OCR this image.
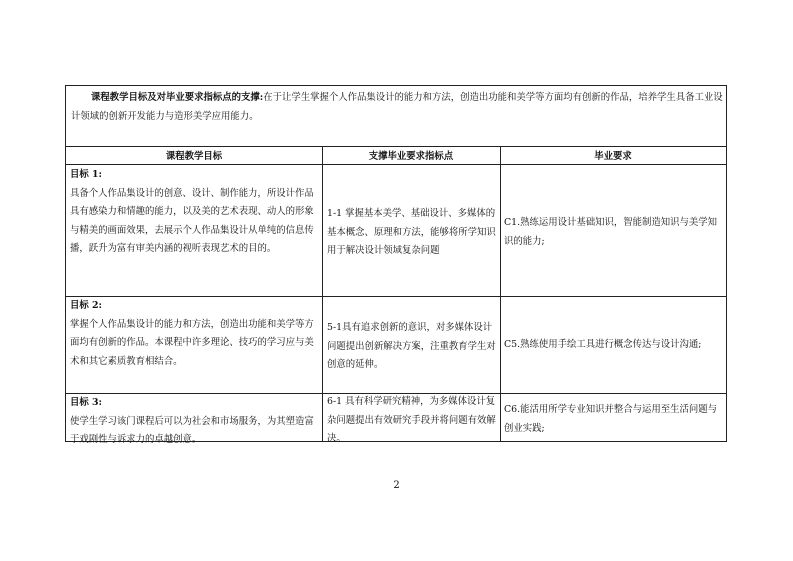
课程教学目标及对毕业要求指标点的支撑:在于让学生掌握个人作品集设计的能力和方法，创造出功能和美学等方面均有创新的作品，培养学生具备工业设计领域的创新开发能力与造形美学应用能力。
课程教学目标	支撑毕业要求指标点	毕业要求
目标 1:
具备个人作品集设计的创意、设计、制作能力，所设计作品具有感染力和情趣的能力，以及美的艺术表现、动人的形象与精美的画面效果，去展示个人作品集设计从单纯的信息传播，跃升为富有审美内涵的视听表现艺术的目的。
1-1 掌握基本美学、基础设计、多媒体的基本概念、原理和方法，能够将所学知识用于解决设计领域复杂问题
C1.熟练运用设计基础知识，智能制造知识与美学知识的能力;
目标 2:
掌握个人作品集设计的能力和方法，创造出功能和美学等方面均有创新的作品。本课程中许多理论、技巧的学习应与美术和其它素质教育相结合。
5-1具有追求创新的意识，对多媒体设计问题提出创新解决方案，注重教育学生对创意的延伸。
C5.熟练使用手绘工具进行概念传达与设计沟通;
目标 3:
使学生学习该门课程后可以为社会和市场服务，为其塑造富于戏剧性与诉求力的卓越创意。
6-1 具有科学研究精神，为多媒体设计复杂问题提出有效研究手段并将问题有效解决。
C6.能活用所学专业知识并整合与运用至生活问题与创业实践;
2
